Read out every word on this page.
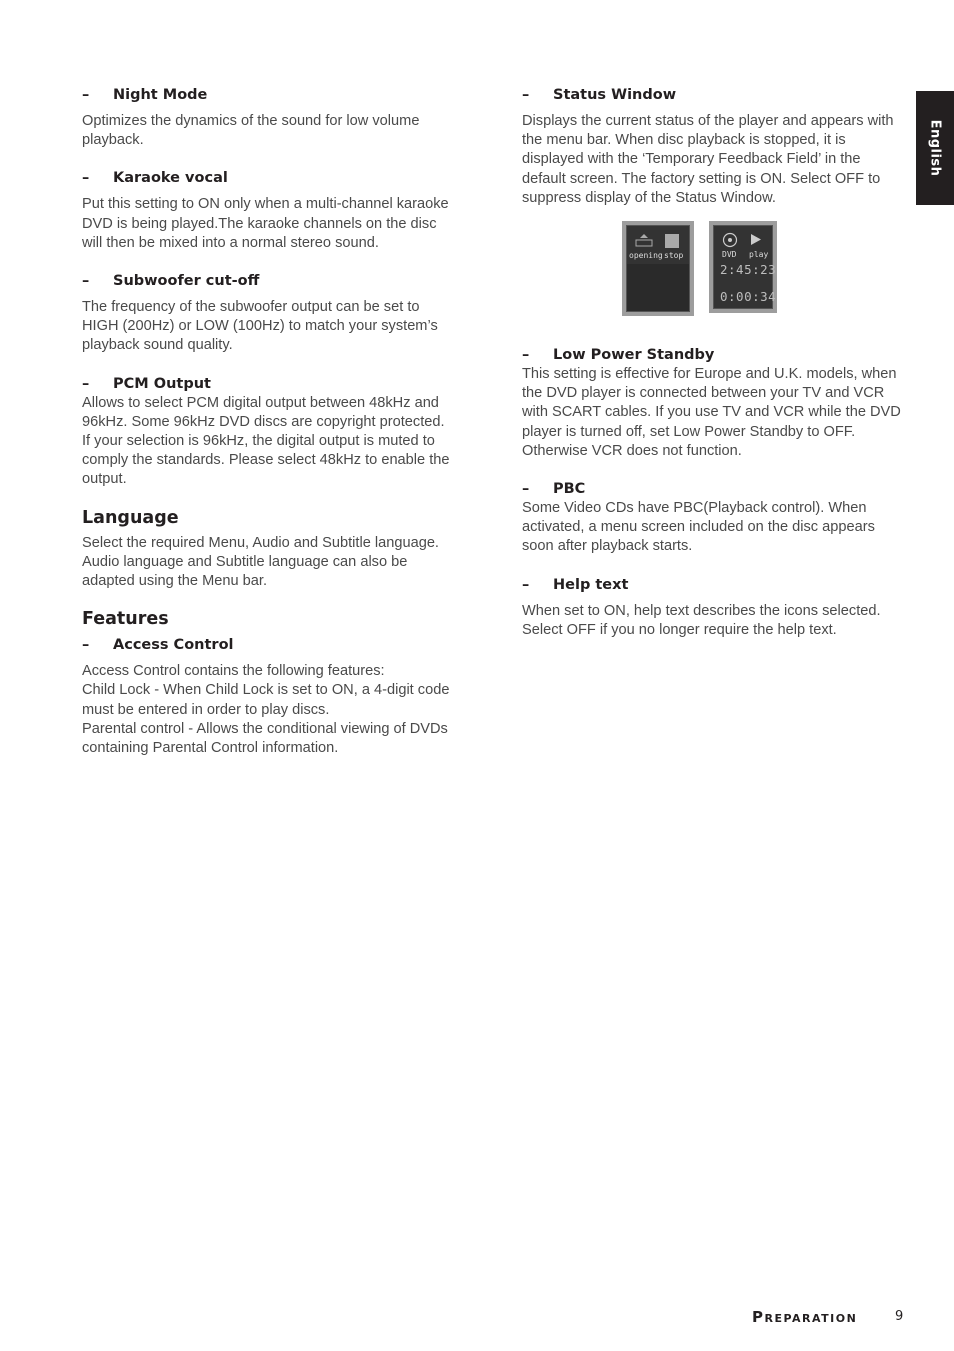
English

– Night Mode

Optimizes the dynamics of the sound for low volume playback.

– Karaoke vocal

Put this setting to ON only when a multi-channel karaoke DVD is being played.The karaoke channels on the disc will then be mixed into a normal stereo sound.

– Subwoofer cut-off

The frequency of the subwoofer output can be set to HIGH (200Hz) or LOW (100Hz) to match your system’s playback sound quality.

– PCM Output

Allows to select PCM digital output between 48kHz and 96kHz. Some 96kHz DVD discs are copyright protected. If your selection is 96kHz, the digital output is muted to comply the standards. Please select 48kHz to enable the output.

Language

Select the required Menu, Audio and Subtitle language. Audio language and Subtitle language can also be adapted using the Menu bar.

Features

– Access Control

Access Control contains the following features:

Child Lock - When Child Lock is set to ON, a 4-digit code must be entered in order to play discs.

Parental control - Allows the conditional viewing of DVDs containing Parental Control information.

– Status Window

Displays the current status of the player and appears with the menu bar. When disc playback is stopped, it is displayed with the ‘Temporary Feedback Field’ in the default screen. The factory setting is ON. Select OFF to suppress display of the Status Window.

opening stop	DVD play
2:45:23
0:00:34

– Low Power Standby

This setting is effective for Europe and U.K. models, when the DVD player is connected between your TV and VCR with SCART cables. If you use TV and VCR while the DVD player is turned off, set Low Power Standby to OFF. Otherwise VCR does not function.

– PBC

Some Video CDs have PBC(Playback control). When activated, a menu screen included on the disc appears soon after playback starts.

– Help text

When set to ON, help text describes the icons selected. Select OFF if you no longer require the help text.

Preparation	9
